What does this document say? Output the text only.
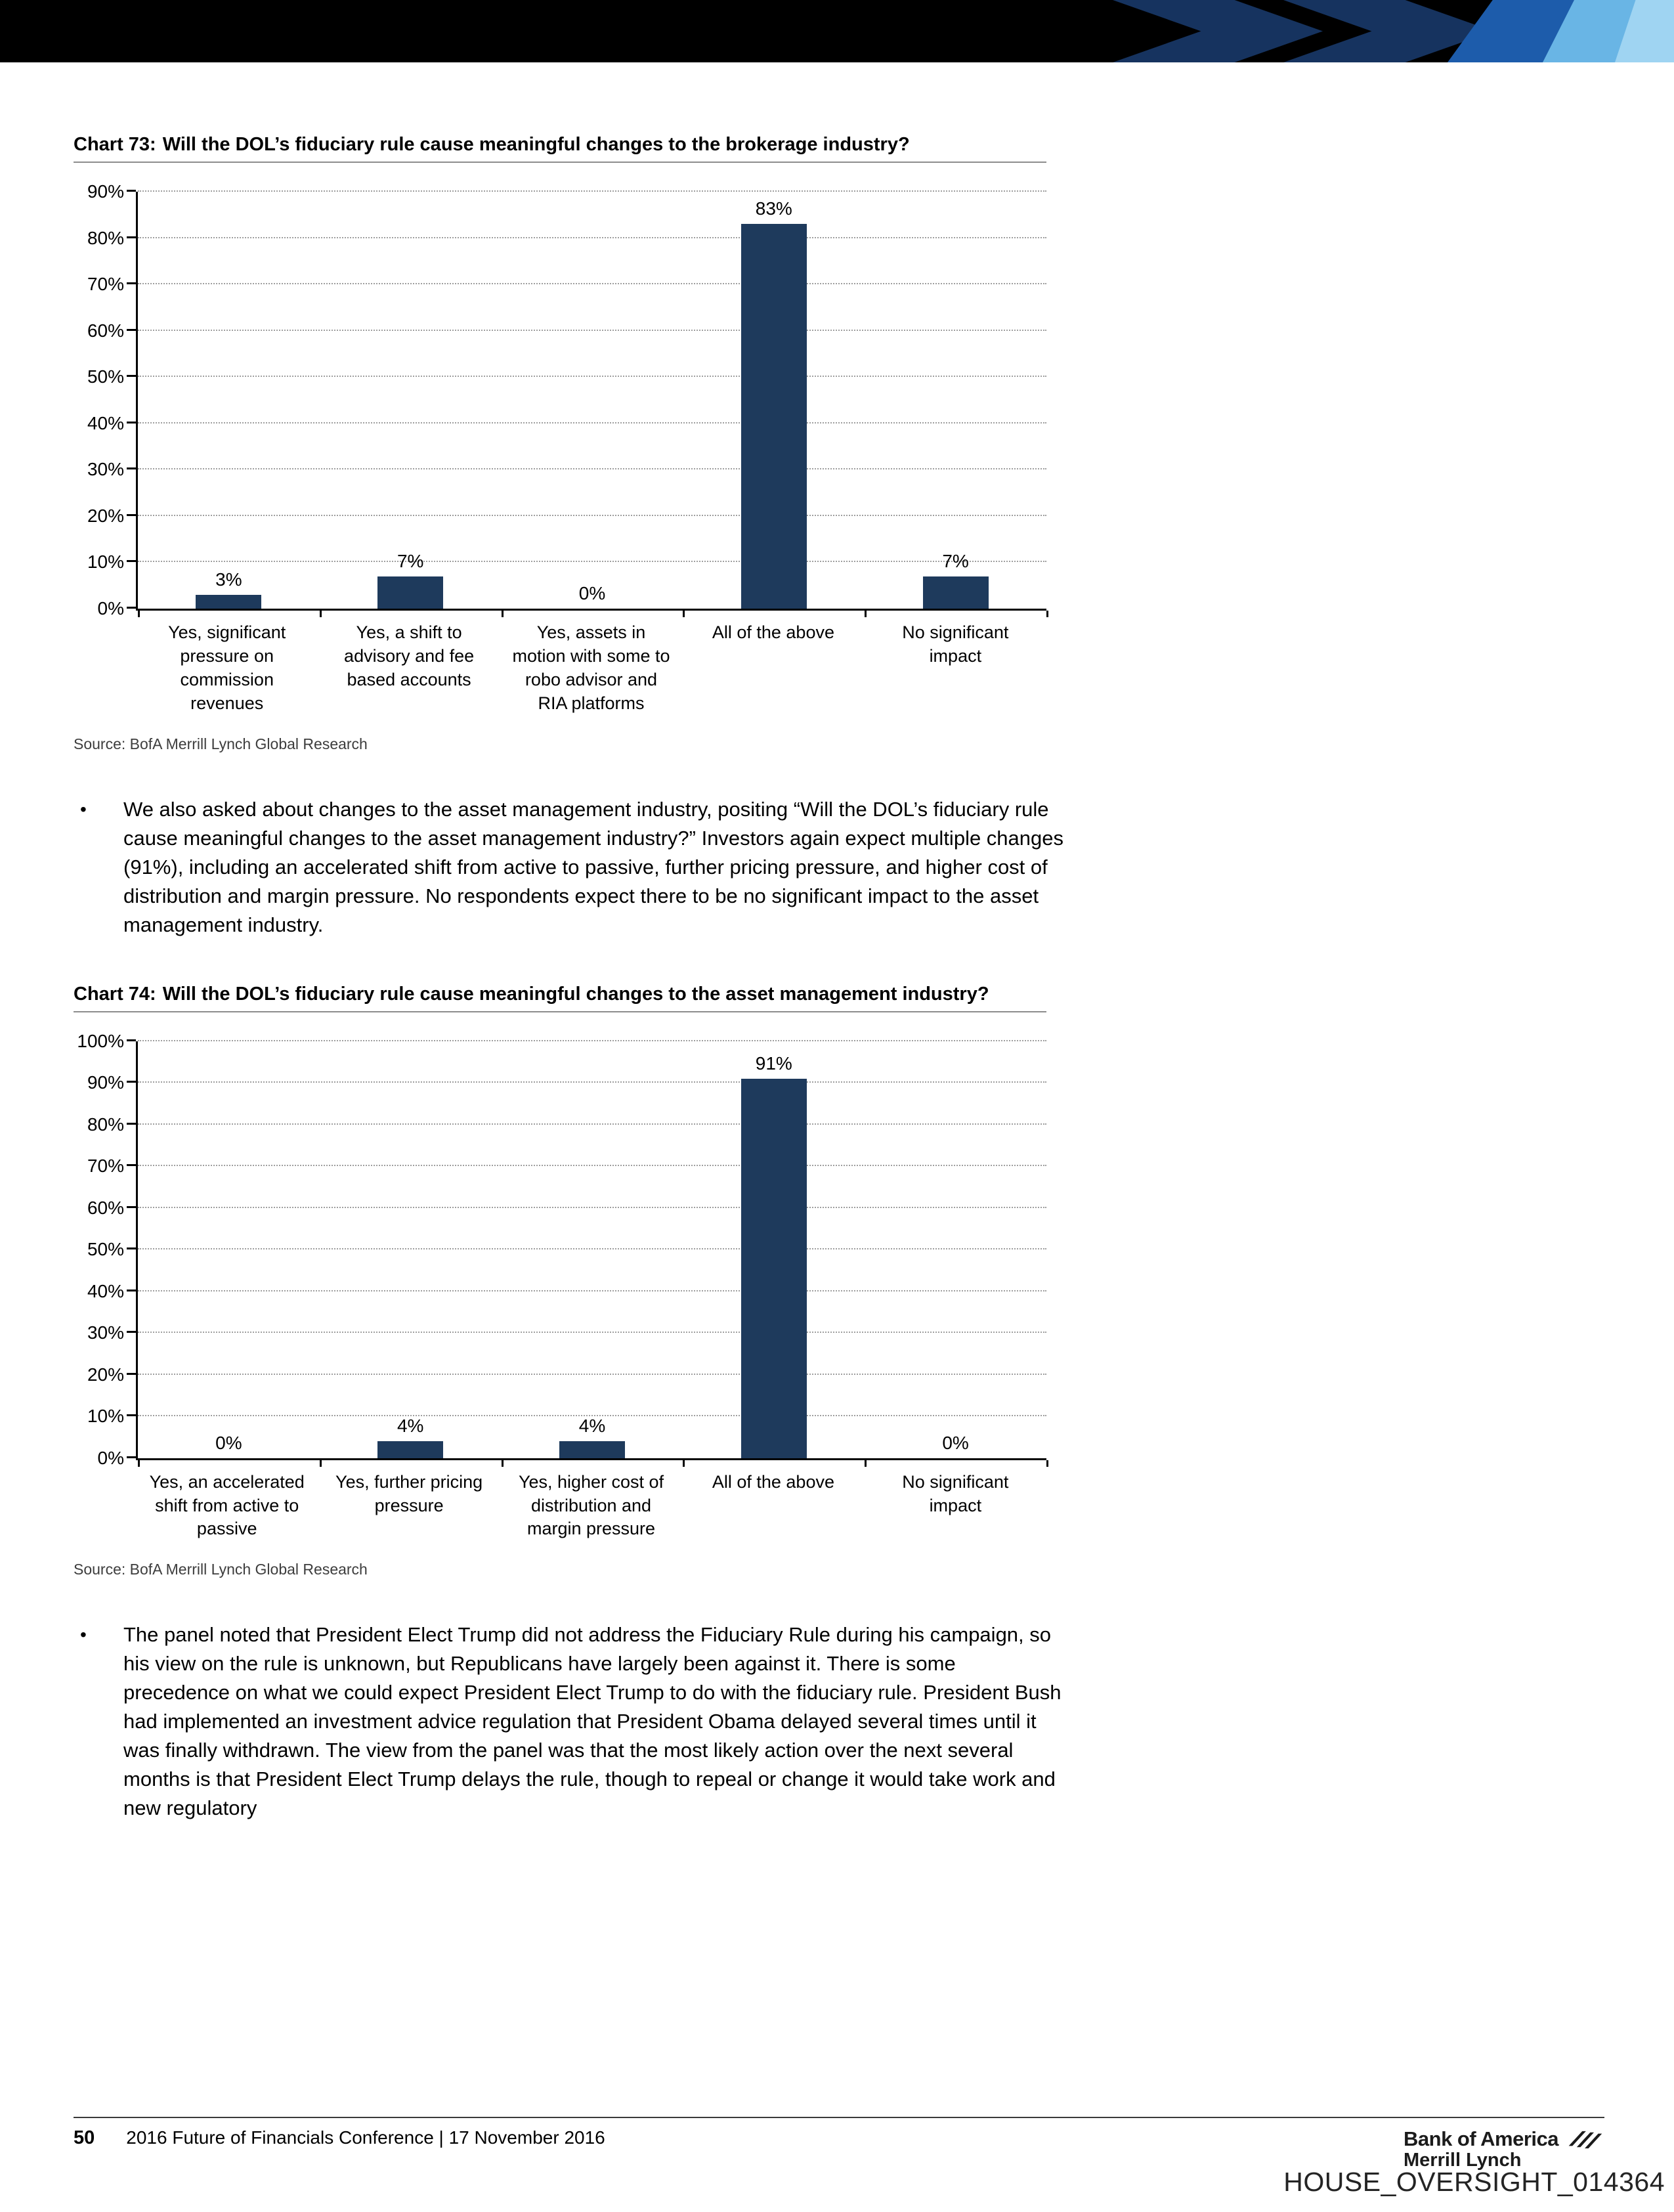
Chart 73: Will the DOL’s fiduciary rule cause meaningful changes to the brokerage industry?
90%
80%
70%
60%
50%
40%
30%
20%
10%
0%
3%
7%
0%
83%
7%
Yes, significant pressure on commission revenues
Yes, a shift to advisory and fee based accounts
Yes, assets in motion with some to robo advisor and RIA platforms
All of the above	No significant impact
Source: BofA Merrill Lynch Global Research
•	We also asked about changes to the asset management industry, positing “Will the DOL’s fiduciary rule cause meaningful changes to the asset management industry?” Investors again expect multiple changes (91%), including an accelerated shift from active to passive, further pricing pressure, and higher cost of distribution and margin pressure. No respondents expect there to be no significant impact to the asset management industry.
Chart 74: Will the DOL’s fiduciary rule cause meaningful changes to the asset management industry?
100%
90%
80%
70%
60%
50%
40%
30%
20%
10%
0%
0%
4%	4%
91%
0%
Yes, an accelerated shift from active to passive
Yes, further pricing pressure
Yes, higher cost of distribution and margin pressure
All of the above	No significant impact
Source: BofA Merrill Lynch Global Research
•	The panel noted that President Elect Trump did not address the Fiduciary Rule during his campaign, so his view on the rule is unknown, but Republicans have largely been against it. There is some precedence on what we could expect President Elect Trump to do with the fiduciary rule. President Bush had implemented an investment advice regulation that President Obama delayed several times until it was finally withdrawn. The view from the panel was that the most likely action over the next several months is that President Elect Trump delays the rule, though to repeal or change it would take work and new regulatory
50 2016 Future of Financials Conference | 17 November 2016	Bank of America
Merrill Lynch
HOUSE_OVERSIGHT_014364
